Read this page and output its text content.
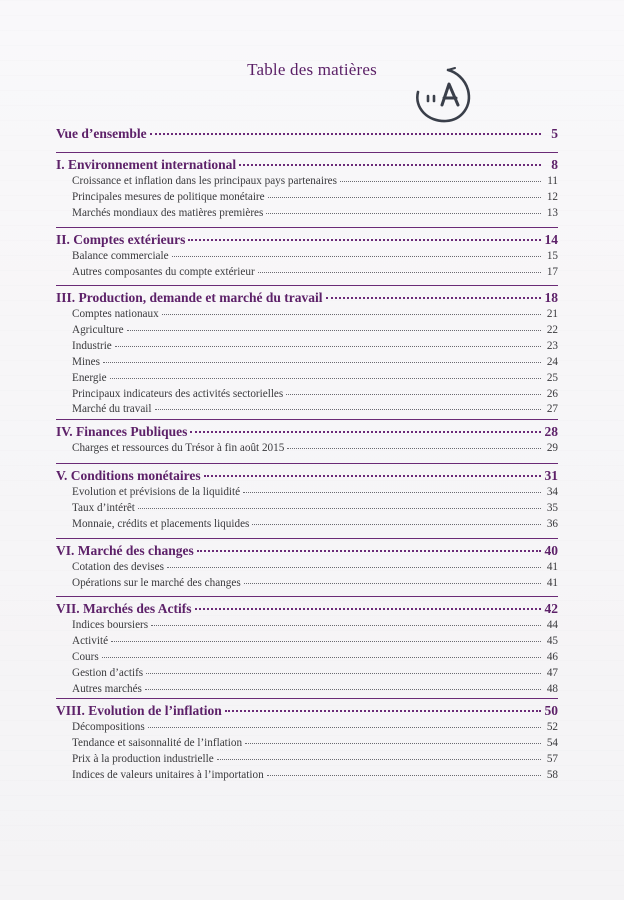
Table des matières
Vue d’ensemble	5
I. Environnement international	8
Croissance et inflation dans les principaux pays partenaires	11
Principales mesures de politique monétaire	12
Marchés mondiaux des matières premières	13
II. Comptes extérieurs	14
Balance commerciale	15
Autres composantes du compte extérieur	17
III. Production, demande et marché du travail	18
Comptes nationaux	21
Agriculture	22
Industrie	23
Mines	24
Energie	25
Principaux indicateurs des activités sectorielles	26
Marché du travail	27
IV. Finances Publiques	28
Charges et ressources du Trésor à fin août 2015	29
V. Conditions monétaires	31
Evolution et prévisions de la liquidité	34
Taux d’intérêt	35
Monnaie, crédits et placements liquides	36
VI. Marché des changes	40
Cotation des devises	41
Opérations sur le marché des changes	41
VII. Marchés des Actifs	42
Indices boursiers	44
Activité	45
Cours	46
Gestion d’actifs	47
Autres marchés	48
VIII. Evolution de l’inflation	50
Décompositions	52
Tendance et saisonnalité de l’inflation	54
Prix à la production industrielle	57
Indices de valeurs unitaires à l’importation	58
